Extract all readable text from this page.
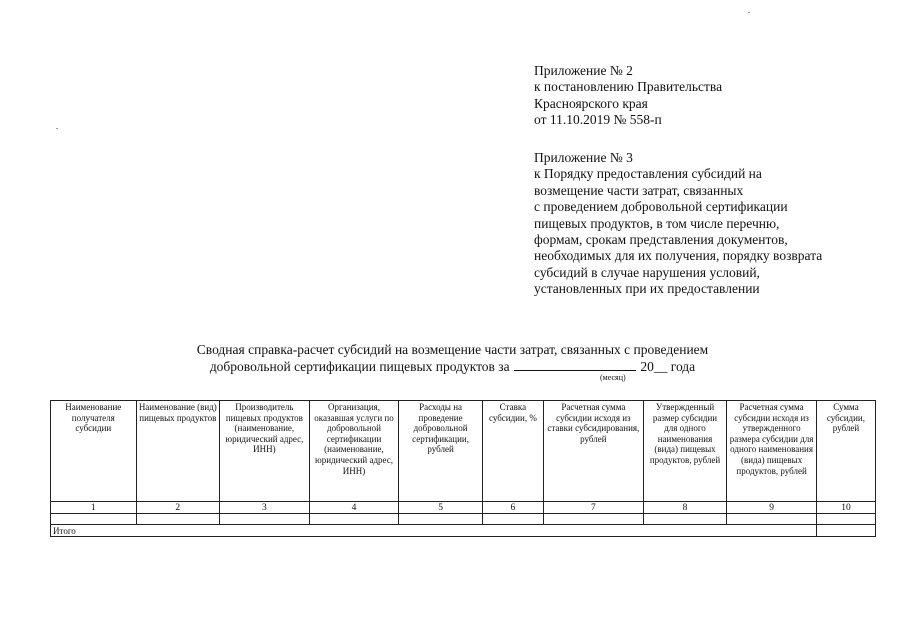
Приложение № 2
к постановлению Правительства
Красноярского края
от 11.10.2019 № 558-п
Приложение № 3
к Порядку предоставления субсидий на
возмещение части затрат, связанных
с проведением добровольной сертификации
пищевых продуктов, в том числе перечню,
формам, срокам представления документов,
необходимых для их получения, порядку возврата
субсидий в случае нарушения условий,
установленных при их предоставлении
Сводная справка-расчет субсидий на возмещение части затрат, связанных с проведением
добровольной сертификации пищевых продуктов за	20__ года
(месяц)
Наименование получателя субсидии	Наименование (вид) пищевых продуктов	Производитель пищевых продуктов (наименование, юридический адрес, ИНН)	Организация, оказавшая услуги по добровольной сертификации (наименование, юридический адрес, ИНН)	Расходы на проведение добровольной сертификации, рублей	Ставка субсидии, %	Расчетная сумма субсидии исходя из ставки субсидирования, рублей	Утвержденный размер субсидии для одного наименования (вида) пищевых продуктов, рублей	Расчетная сумма субсидии исходя из утвержденного размера субсидии для одного наименования (вида) пищевых продуктов, рублей	Сумма субсидии, рублей
1	2	3	4	5	6	7	8	9	10

Итого									
